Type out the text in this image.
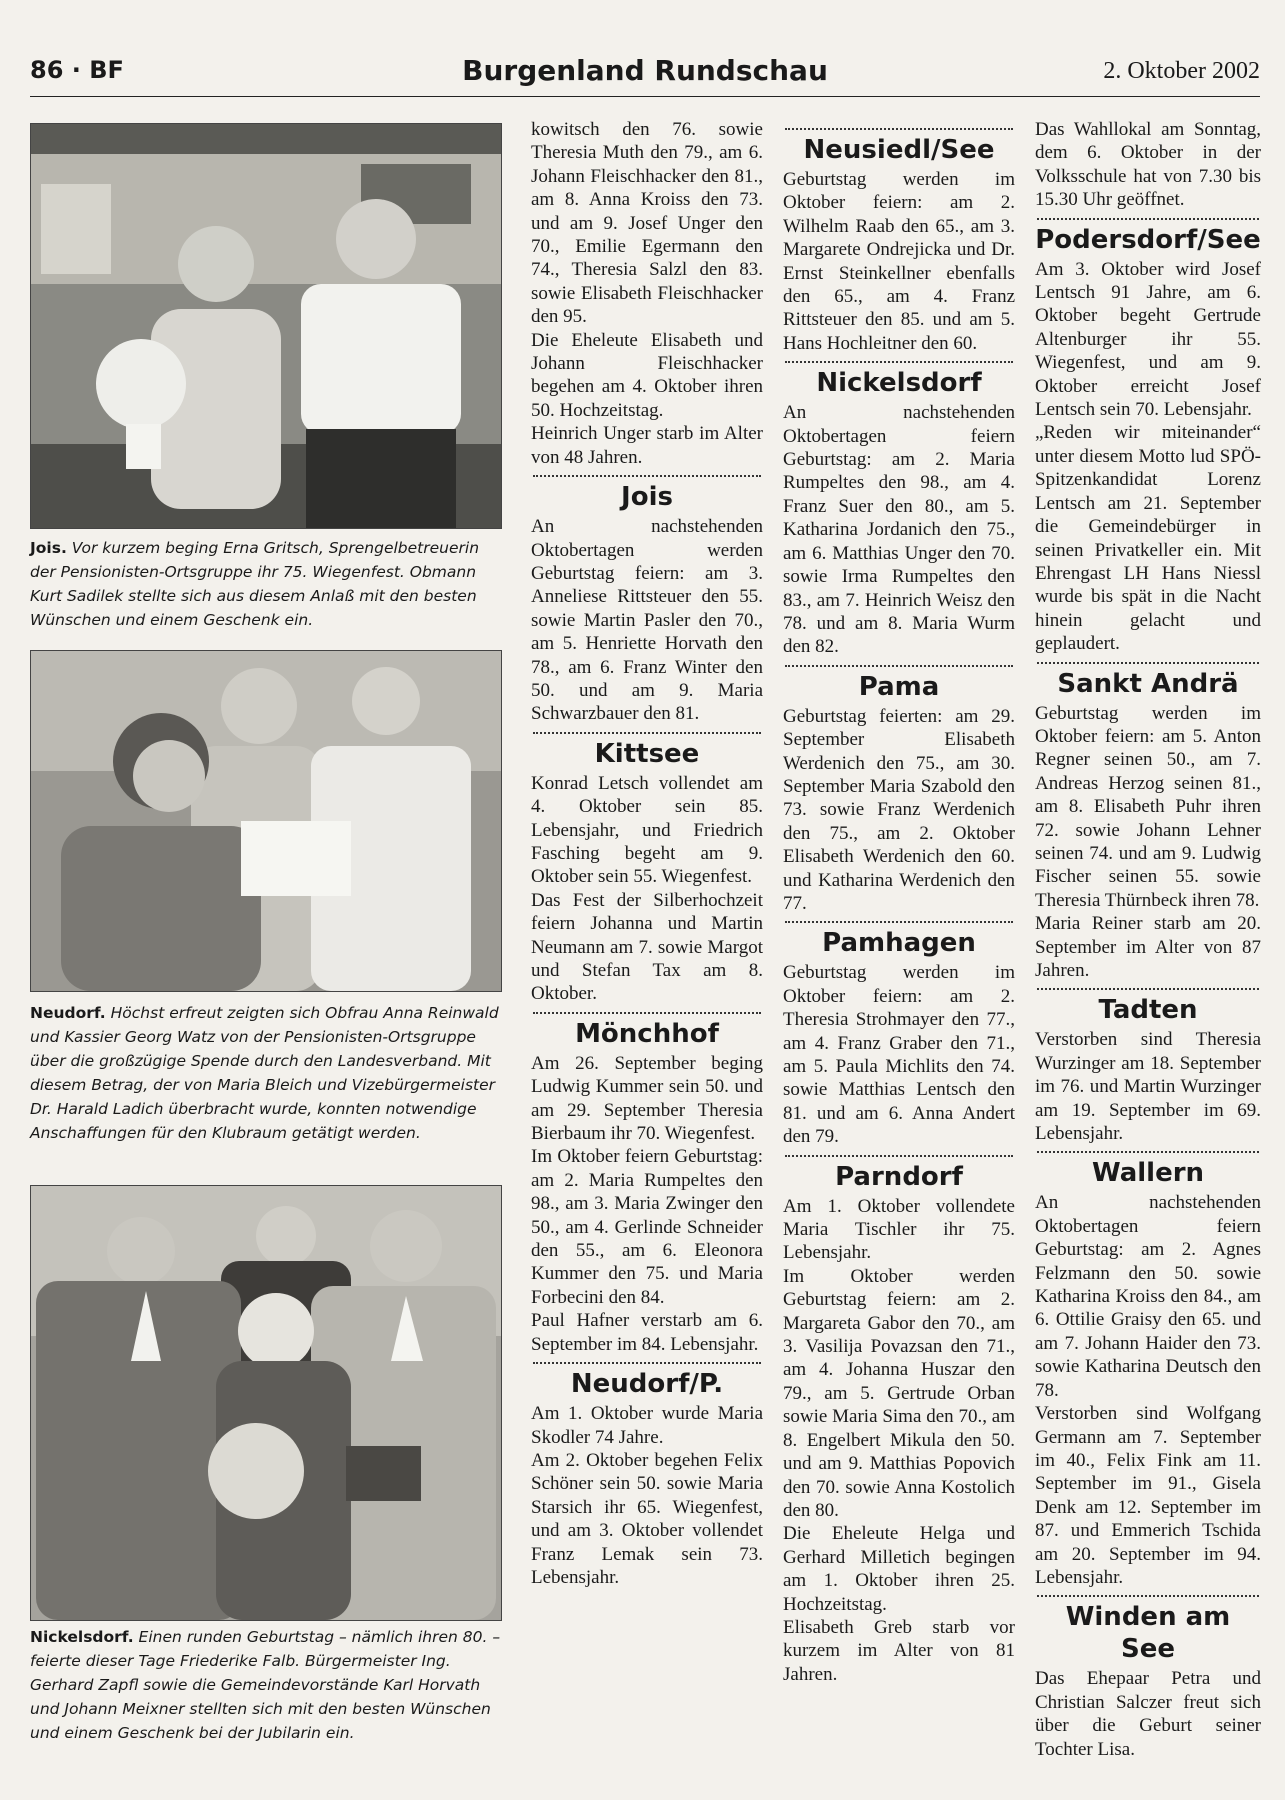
86 · BF	Burgenland Rundschau	2. Oktober 2002
Jois. Vor kurzem beging Erna Gritsch, Sprengelbetreuerin der Pensionisten-Ortsgruppe ihr 75. Wiegenfest. Obmann Kurt Sadilek stellte sich aus diesem Anlaß mit den besten Wünschen und einem Geschenk ein.
Neudorf. Höchst erfreut zeigten sich Obfrau Anna Reinwald und Kassier Georg Watz von der Pensionisten-Ortsgruppe über die großzügige Spende durch den Landesverband. Mit diesem Betrag, der von Maria Bleich und Vizebürgermeister Dr. Harald Ladich überbracht wurde, konnten notwendige Anschaffungen für den Klubraum getätigt werden.
Nickelsdorf. Einen runden Geburtstag – nämlich ihren 80. – feierte dieser Tage Friederike Falb. Bürgermeister Ing. Gerhard Zapfl sowie die Gemeindevorstände Karl Horvath und Johann Meixner stellten sich mit den besten Wünschen und einem Geschenk bei der Jubilarin ein.

kowitsch den 76. sowie Theresia Muth den 79., am 6. Johann Fleischhacker den 81., am 8. Anna Kroiss den 73. und am 9. Josef Unger den 70., Emilie Egermann den 74., Theresia Salzl den 83. sowie Elisabeth Fleischhacker den 95.

Die Eheleute Elisabeth und Johann Fleischhacker begehen am 4. Oktober ihren 50. Hochzeitstag.

Heinrich Unger starb im Alter von 48 Jahren.

Jois

An nachstehenden Oktobertagen werden Geburtstag feiern: am 3. Anneliese Rittsteuer den 55. sowie Martin Pasler den 70., am 5. Henriette Horvath den 78., am 6. Franz Winter den 50. und am 9. Maria Schwarzbauer den 81.

Kittsee

Konrad Letsch vollendet am 4. Oktober sein 85. Lebensjahr, und Friedrich Fasching begeht am 9. Oktober sein 55. Wiegenfest.

Das Fest der Silberhochzeit feiern Johanna und Martin Neumann am 7. sowie Margot und Stefan Tax am 8. Oktober.

Mönchhof

Am 26. September beging Ludwig Kummer sein 50. und am 29. September Theresia Bierbaum ihr 70. Wiegenfest.

Im Oktober feiern Geburtstag: am 2. Maria Rumpeltes den 98., am 3. Maria Zwinger den 50., am 4. Gerlinde Schneider den 55., am 6. Eleonora Kummer den 75. und Maria Forbecini den 84.

Paul Hafner verstarb am 6. September im 84. Lebensjahr.

Neudorf/P.

Am 1. Oktober wurde Maria Skodler 74 Jahre.

Am 2. Oktober begehen Felix Schöner sein 50. sowie Maria Starsich ihr 65. Wiegenfest, und am 3. Oktober vollendet Franz Lemak sein 73. Lebensjahr.

Neusiedl/See

Geburtstag werden im Oktober feiern: am 2. Wilhelm Raab den 65., am 3. Margarete Ondrejicka und Dr. Ernst Steinkellner ebenfalls den 65., am 4. Franz Rittsteuer den 85. und am 5. Hans Hochleitner den 60.

Nickelsdorf

An nachstehenden Oktobertagen feiern Geburtstag: am 2. Maria Rumpeltes den 98., am 4. Franz Suer den 80., am 5. Katharina Jordanich den 75., am 6. Matthias Unger den 70. sowie Irma Rumpeltes den 83., am 7. Heinrich Weisz den 78. und am 8. Maria Wurm den 82.

Pama

Geburtstag feierten: am 29. September Elisabeth Werdenich den 75., am 30. September Maria Szabold den 73. sowie Franz Werdenich den 75., am 2. Oktober Elisabeth Werdenich den 60. und Katharina Werdenich den 77.

Pamhagen

Geburtstag werden im Oktober feiern: am 2. Theresia Strohmayer den 77., am 4. Franz Graber den 71., am 5. Paula Michlits den 74. sowie Matthias Lentsch den 81. und am 6. Anna Andert den 79.

Parndorf

Am 1. Oktober vollendete Maria Tischler ihr 75. Lebensjahr.

Im Oktober werden Geburtstag feiern: am 2. Margareta Gabor den 70., am 3. Vasilija Povazsan den 71., am 4. Johanna Huszar den 79., am 5. Gertrude Orban sowie Maria Sima den 70., am 8. Engelbert Mikula den 50. und am 9. Matthias Popovich den 70. sowie Anna Kostolich den 80.

Die Eheleute Helga und Gerhard Milletich begingen am 1. Oktober ihren 25. Hochzeitstag.

Elisabeth Greb starb vor kurzem im Alter von 81 Jahren.

Das Wahllokal am Sonntag, dem 6. Oktober in der Volksschule hat von 7.30 bis 15.30 Uhr geöffnet.

Podersdorf/See

Am 3. Oktober wird Josef Lentsch 91 Jahre, am 6. Oktober begeht Gertrude Altenburger ihr 55. Wiegenfest, und am 9. Oktober erreicht Josef Lentsch sein 70. Lebensjahr.

„Reden wir miteinander“ unter diesem Motto lud SPÖ-Spitzenkandidat Lorenz Lentsch am 21. September die Gemeindebürger in seinen Privatkeller ein. Mit Ehrengast LH Hans Niessl wurde bis spät in die Nacht hinein gelacht und geplaudert.

Sankt Andrä

Geburtstag werden im Oktober feiern: am 5. Anton Regner seinen 50., am 7. Andreas Herzog seinen 81., am 8. Elisabeth Puhr ihren 72. sowie Johann Lehner seinen 74. und am 9. Ludwig Fischer seinen 55. sowie Theresia Thürnbeck ihren 78.

Maria Reiner starb am 20. September im Alter von 87 Jahren.

Tadten

Verstorben sind Theresia Wurzinger am 18. September im 76. und Martin Wurzinger am 19. September im 69. Lebensjahr.

Wallern

An nachstehenden Oktobertagen feiern Geburtstag: am 2. Agnes Felzmann den 50. sowie Katharina Kroiss den 84., am 6. Ottilie Graisy den 65. und am 7. Johann Haider den 73. sowie Katharina Deutsch den 78.

Verstorben sind Wolfgang Germann am 7. September im 40., Felix Fink am 11. September im 91., Gisela Denk am 12. September im 87. und Emmerich Tschida am 20. September im 94. Lebensjahr.

Winden am See

Das Ehepaar Petra und Christian Salczer freut sich über die Geburt seiner Tochter Lisa.
